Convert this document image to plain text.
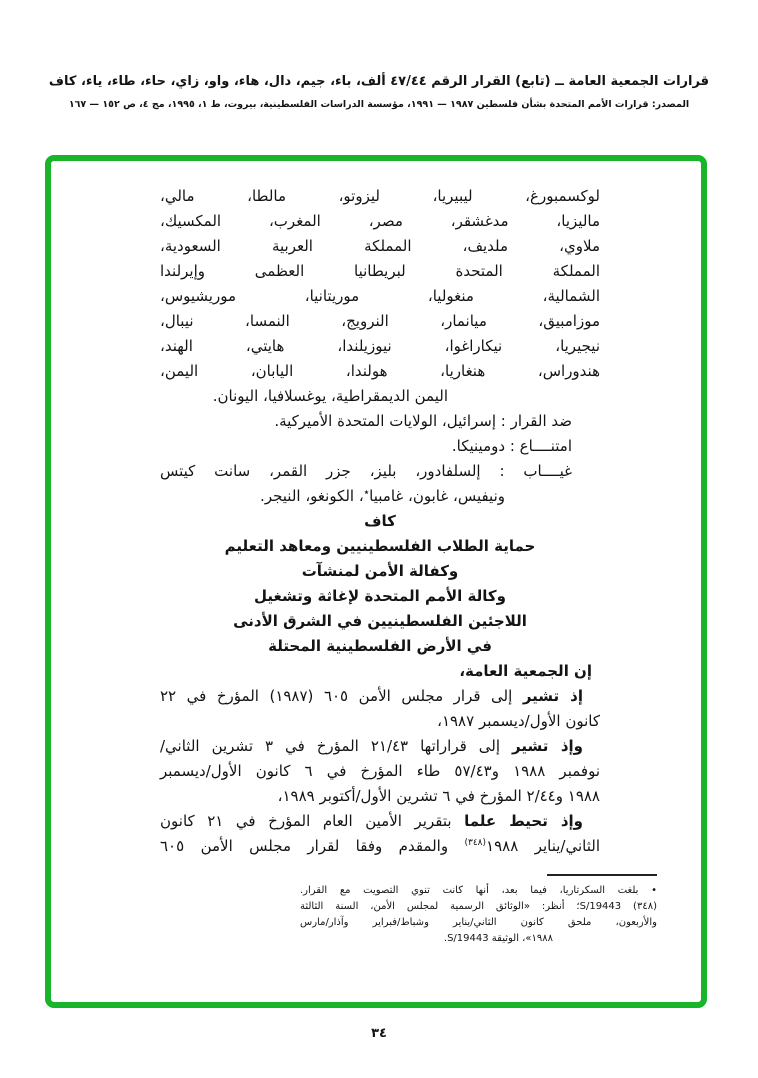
قرارات الجمعية العامة ــ (تابع) القرار الرقم ٤٧/٤٤ ألف، باء، جيم، دال، هاء، واو، زاي، حاء، طاء، ياء، كاف
المصدر: قرارات الأمم المتحدة بشأن فلسطين ١٩٨٧ — ١٩٩١، مؤسسة الدراسات الفلسطينية، بيروت، ط ١، ١٩٩٥، مج ٤، ص ١٥٢ — ١٦٧
لوكسمبورغ، ليبيريا، ليزوتو، مالطا، مالي،
ماليزيا، مدغشقر، مصر، المغرب، المكسيك،
ملاوي، ملديف، المملكة العربية السعودية،
المملكة المتحدة لبريطانيا العظمى وإيرلندا
الشمالية، منغوليا، موريتانيا، موريشيوس،
موزامبيق، ميانمار، النرويج، النمسا، نيبال،
نيجيريا، نيكاراغوا، نيوزيلندا، هايتي، الهند،
هندوراس، هنغاريا، هولندا، اليابان، اليمن،
اليمن الديمقراطية، يوغسلافيا، اليونان.
ضد القرار : إسرائيل، الولايات المتحدة الأميركية.
امتنــــاع : دومينيكا.
غيــــاب : إلسلفادور، بليز، جزر القمر، سانت كيتس
ونيفيس، غابون، غامبيا٭، الكونغو، النيجر.
كاف
حماية الطلاب الفلسطينيين ومعاهد التعليم
وكفالة الأمن لمنشآت
وكالة الأمم المتحدة لإغاثة وتشغيل
اللاجئين الفلسطينيين في الشرق الأدنى
في الأرض الفلسطينية المحتلة
إن الجمعية العامة،
إذ تشير إلى قرار مجلس الأمن ٦٠٥ (١٩٨٧) المؤرخ في ٢٢
كانون الأول/ديسمبر ١٩٨٧،
وإذ تشير إلى قراراتها ٢١/٤٣ المؤرخ في ٣ تشرين الثاني/
نوفمبر ١٩٨٨ و٥٧/٤٣ طاء المؤرخ في ٦ كانون الأول/ديسمبر
١٩٨٨ و٢/٤٤ المؤرخ في ٦ تشرين الأول/أكتوبر ١٩٨٩،
وإذ تحيط علما بتقرير الأمين العام المؤرخ في ٢١ كانون
الثاني/يناير ١٩٨٨$^{(٣٤٨)}$ والمقدم وفقا لقرار مجلس الأمن ٦٠٥
• بلغت السكرتاريا، فيما بعد، أنها كانت تنوي التصويت مع القرار.
(٣٤٨) S/19443؛ أنظر: «الوثائق الرسمية لمجلس الأمن، السنة الثالثة
والأربعون، ملحق كانون الثاني/يناير وشباط/فبراير وآذار/مارس
١٩٨٨»، الوثيقة S/19443.
٣٤
